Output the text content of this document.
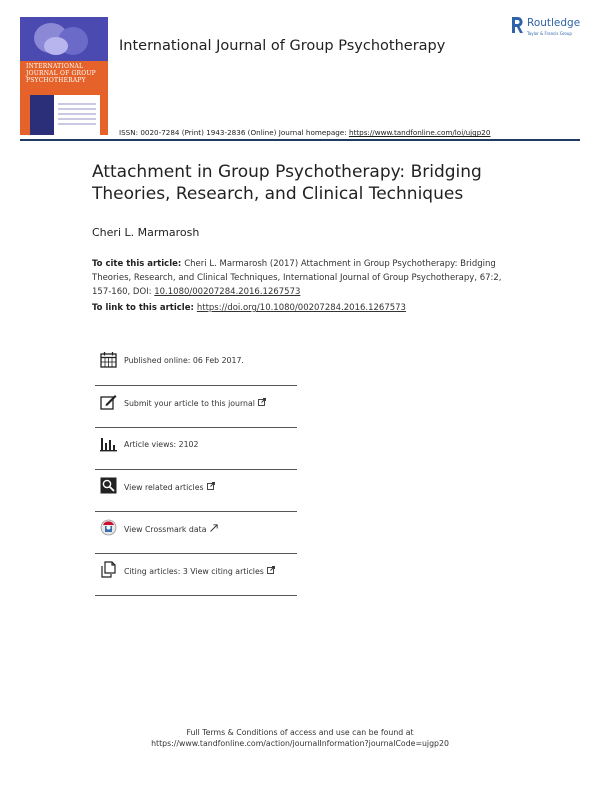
INTERNATIONAL
JOURNAL OF GROUP
PSYCHOTHERAPY
International Journal of Group Psychotherapy
Routledge
Taylor & Francis Group
ISSN: 0020-7284 (Print) 1943-2836 (Online) Journal homepage: https://www.tandfonline.com/loi/ujgp20
Attachment in Group Psychotherapy: Bridging Theories, Research, and Clinical Techniques
Cheri L. Marmarosh
To cite this article: Cheri L. Marmarosh (2017) Attachment in Group Psychotherapy: Bridging Theories, Research, and Clinical Techniques, International Journal of Group Psychotherapy, 67:2, 157-160, DOI: 10.1080/00207284.2016.1267573
To link to this article: https://doi.org/10.1080/00207284.2016.1267573
Published online: 06 Feb 2017.
Submit your article to this journal
Article views: 2102
View related articles
View Crossmark data
Citing articles: 3 View citing articles
Full Terms & Conditions of access and use can be found at
https://www.tandfonline.com/action/journalInformation?journalCode=ujgp20
